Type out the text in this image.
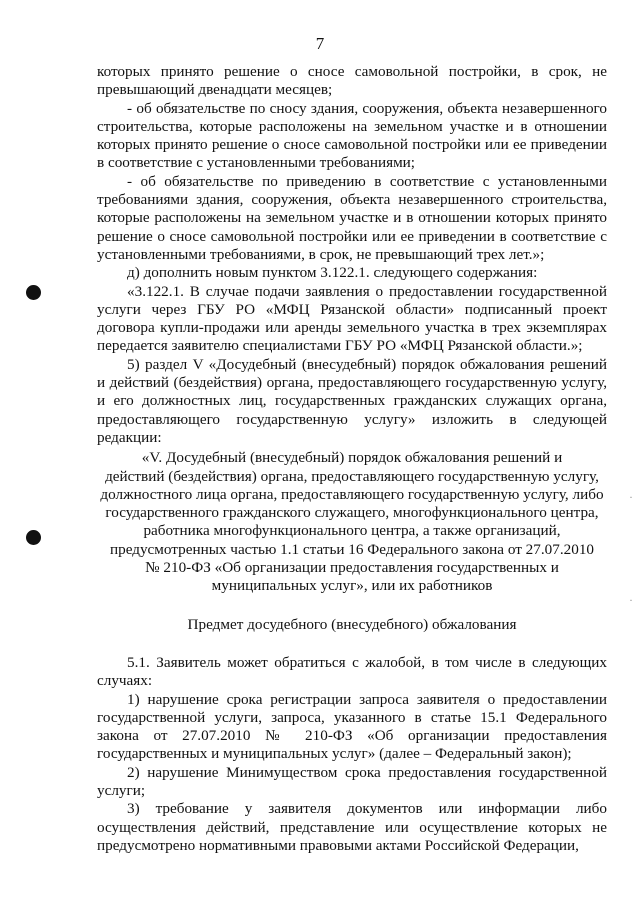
7
·
·

которых принято решение о сносе самовольной постройки, в срок, не превышающий двенадцати месяцев;

- об обязательстве по сносу здания, сооружения, объекта незавершенного строительства, которые расположены на земельном участке и в отношении которых принято решение о сносе самовольной постройки или ее приведении в соответствие с установленными требованиями;

- об обязательстве по приведению в соответствие с установленными требованиями здания, сооружения, объекта незавершенного строительства, которые расположены на земельном участке и в отношении которых принято решение о сносе самовольной постройки или ее приведении в соответствие с установленными требованиями, в срок, не превышающий трех лет.»;

д) дополнить новым пунктом 3.122.1. следующего содержания:

«3.122.1. В случае подачи заявления о предоставлении государственной услуги через ГБУ РО «МФЦ Рязанской области» подписанный проект договора купли-продажи или аренды земельного участка в трех экземплярах передается заявителю специалистами ГБУ РО «МФЦ Рязанской области.»;

5) раздел V «Досудебный (внесудебный) порядок обжалования решений и действий (бездействия) органа, предоставляющего государственную услугу, и его должностных лиц, государственных гражданских служащих органа, предоставляющего государственную услугу» изложить в следующей редакции:

«V. Досудебный (внесудебный) порядок обжалования решений и

действий (бездействия) органа, предоставляющего государственную услугу,

должностного лица органа, предоставляющего государственную услугу, либо

государственного гражданского служащего, многофункционального центра,

работника многофункционального центра, а также организаций,

предусмотренных частью 1.1 статьи 16 Федерального закона от 27.07.2010

№ 210-ФЗ «Об организации предоставления государственных и

муниципальных услуг», или их работников

Предмет досудебного (внесудебного) обжалования

5.1. Заявитель может обратиться с жалобой, в том числе в следующих случаях:

1) нарушение срока регистрации запроса заявителя о предоставлении государственной услуги, запроса, указанного в статье 15.1 Федерального закона от 27.07.2010 № 210-ФЗ «Об организации предоставления государственных и муниципальных услуг» (далее – Федеральный закон);

2) нарушение Минимуществом срока предоставления государственной услуги;

3) требование у заявителя документов или информации либо осуществления действий, представление или осуществление которых не предусмотрено нормативными правовыми актами Российской Федерации,
